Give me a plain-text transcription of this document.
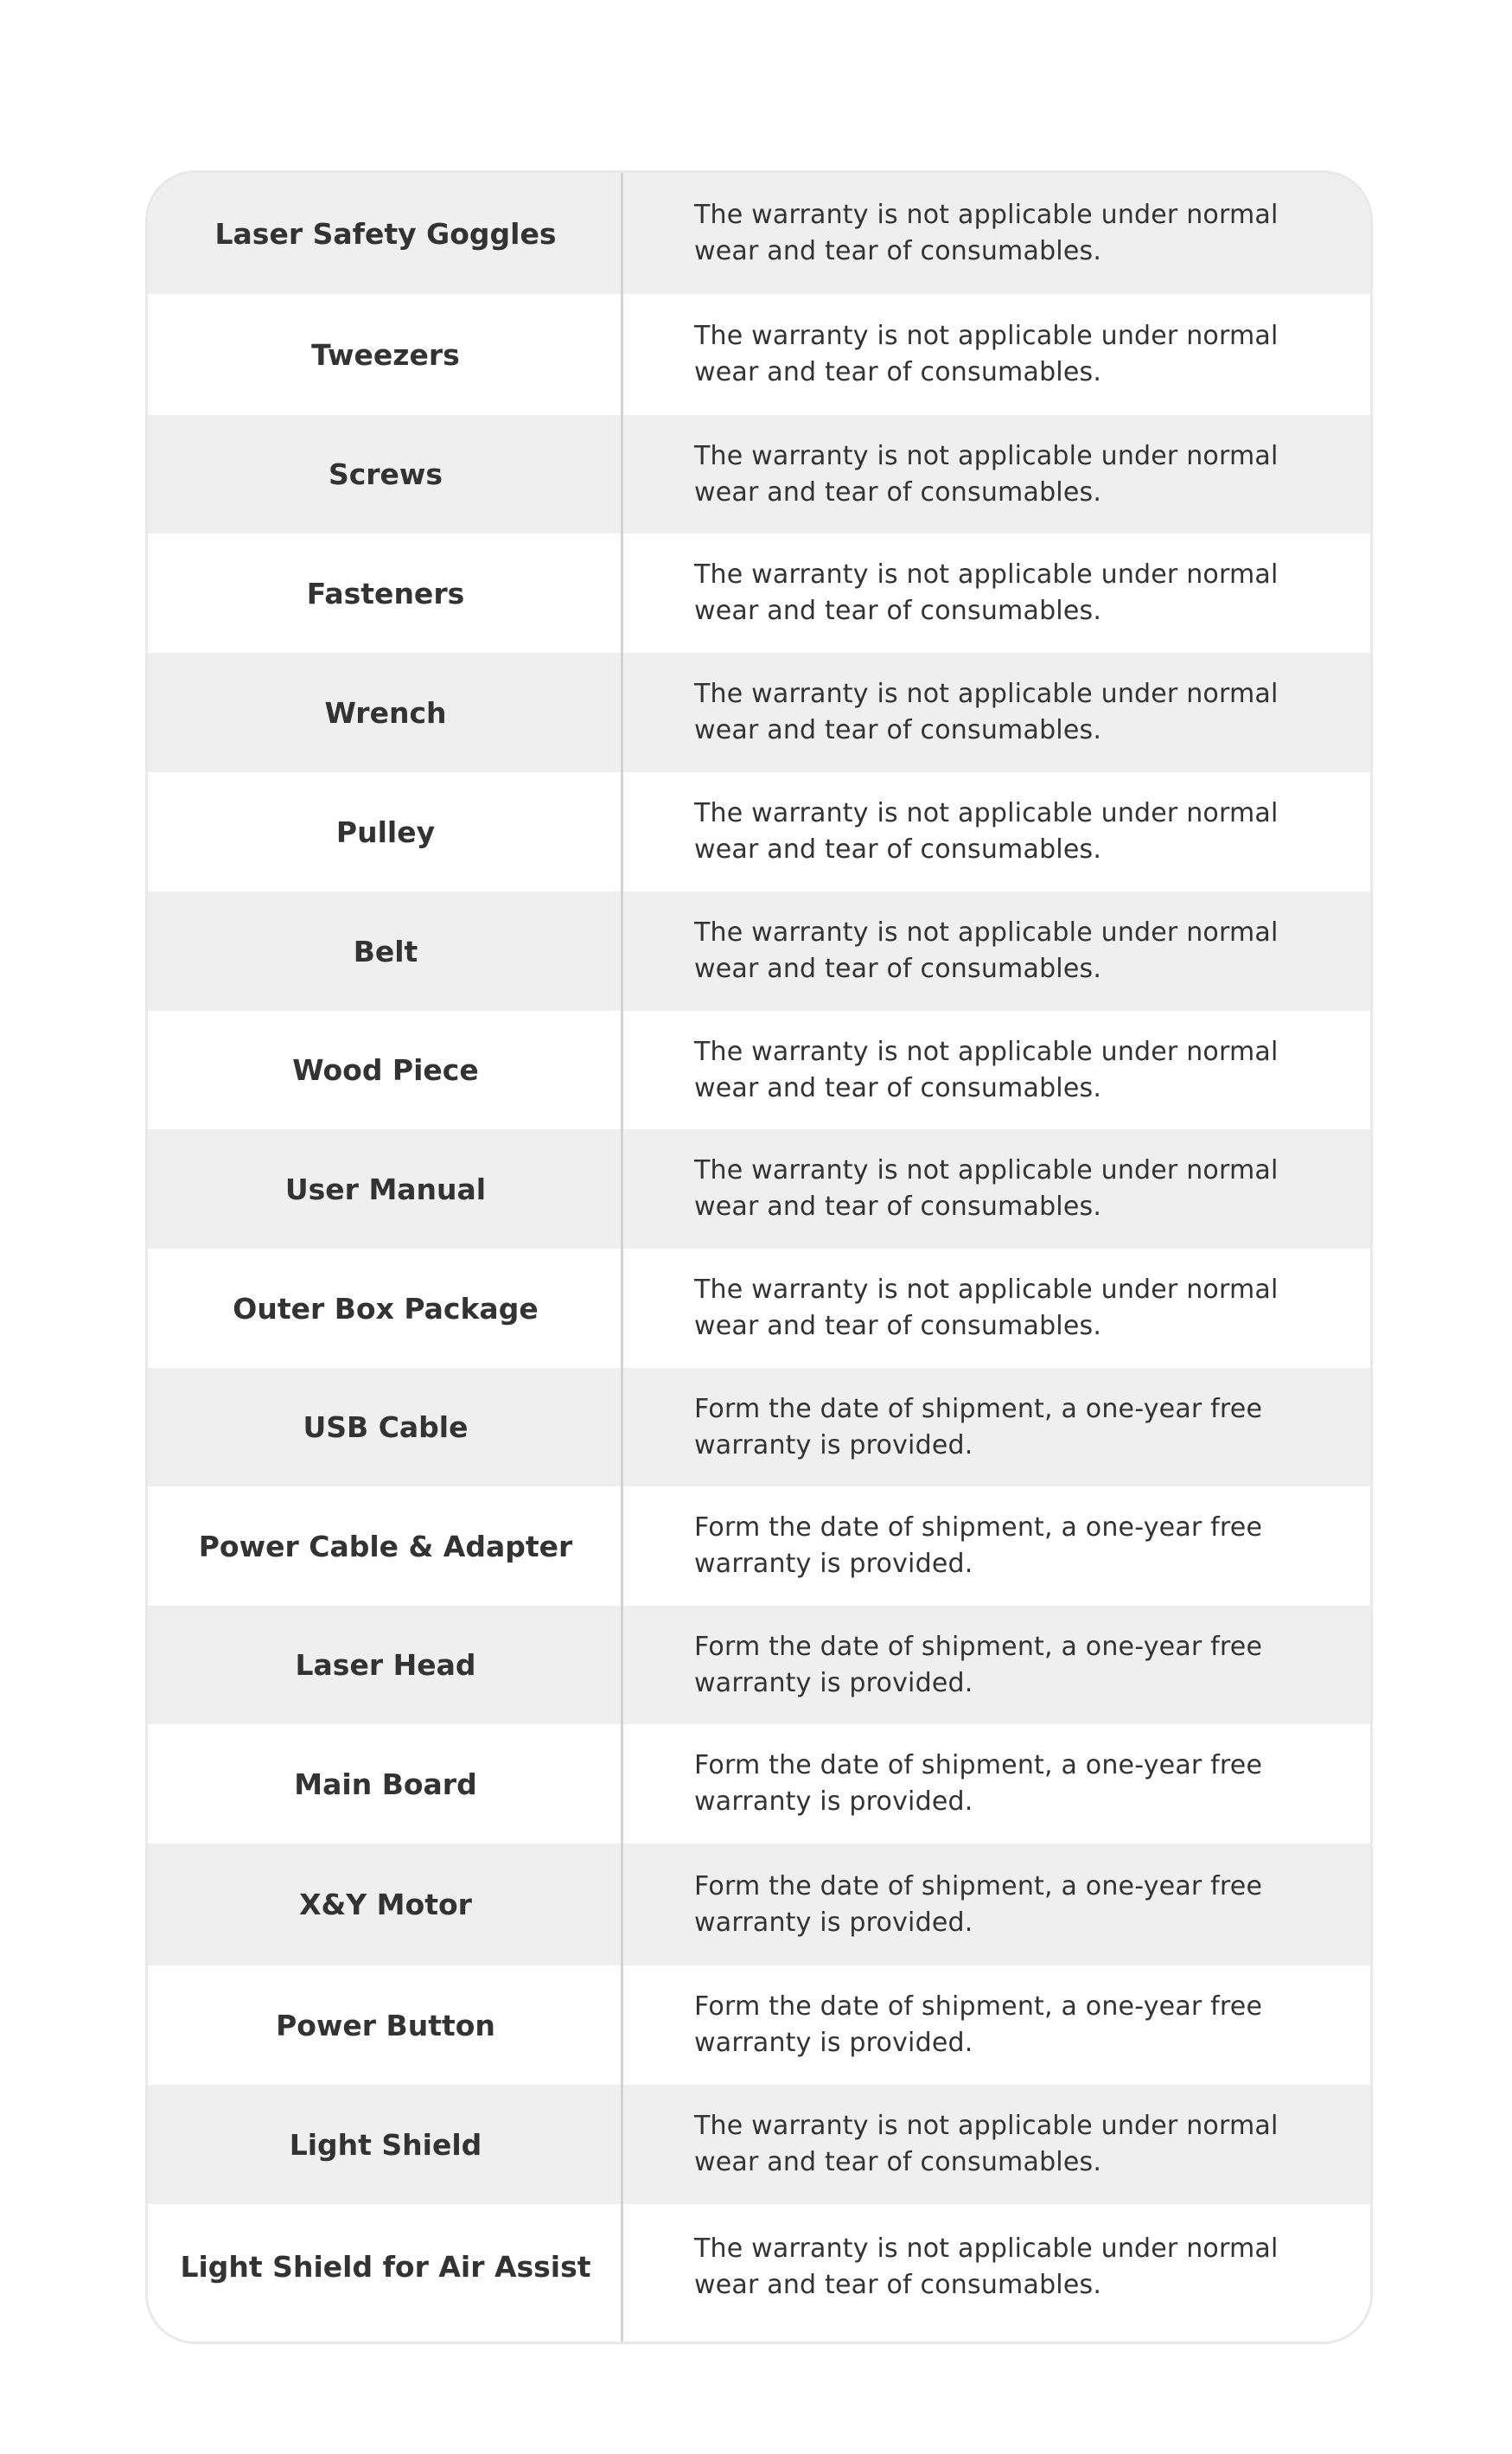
Laser Safety Goggles
The warranty is not applicable under normal
wear and tear of consumables.
Tweezers
The warranty is not applicable under normal
wear and tear of consumables.
Screws
The warranty is not applicable under normal
wear and tear of consumables.
Fasteners
The warranty is not applicable under normal
wear and tear of consumables.
Wrench
The warranty is not applicable under normal
wear and tear of consumables.
Pulley
The warranty is not applicable under normal
wear and tear of consumables.
Belt
The warranty is not applicable under normal
wear and tear of consumables.
Wood Piece
The warranty is not applicable under normal
wear and tear of consumables.
User Manual
The warranty is not applicable under normal
wear and tear of consumables.
Outer Box Package
The warranty is not applicable under normal
wear and tear of consumables.
USB Cable
Form the date of shipment, a one-year free
warranty is provided.
Power Cable & Adapter
Form the date of shipment, a one-year free
warranty is provided.
Laser Head
Form the date of shipment, a one-year free
warranty is provided.
Main Board
Form the date of shipment, a one-year free
warranty is provided.
X&Y Motor
Form the date of shipment, a one-year free
warranty is provided.
Power Button
Form the date of shipment, a one-year free
warranty is provided.
Light Shield
The warranty is not applicable under normal
wear and tear of consumables.
Light Shield for Air Assist
The warranty is not applicable under normal
wear and tear of consumables.
